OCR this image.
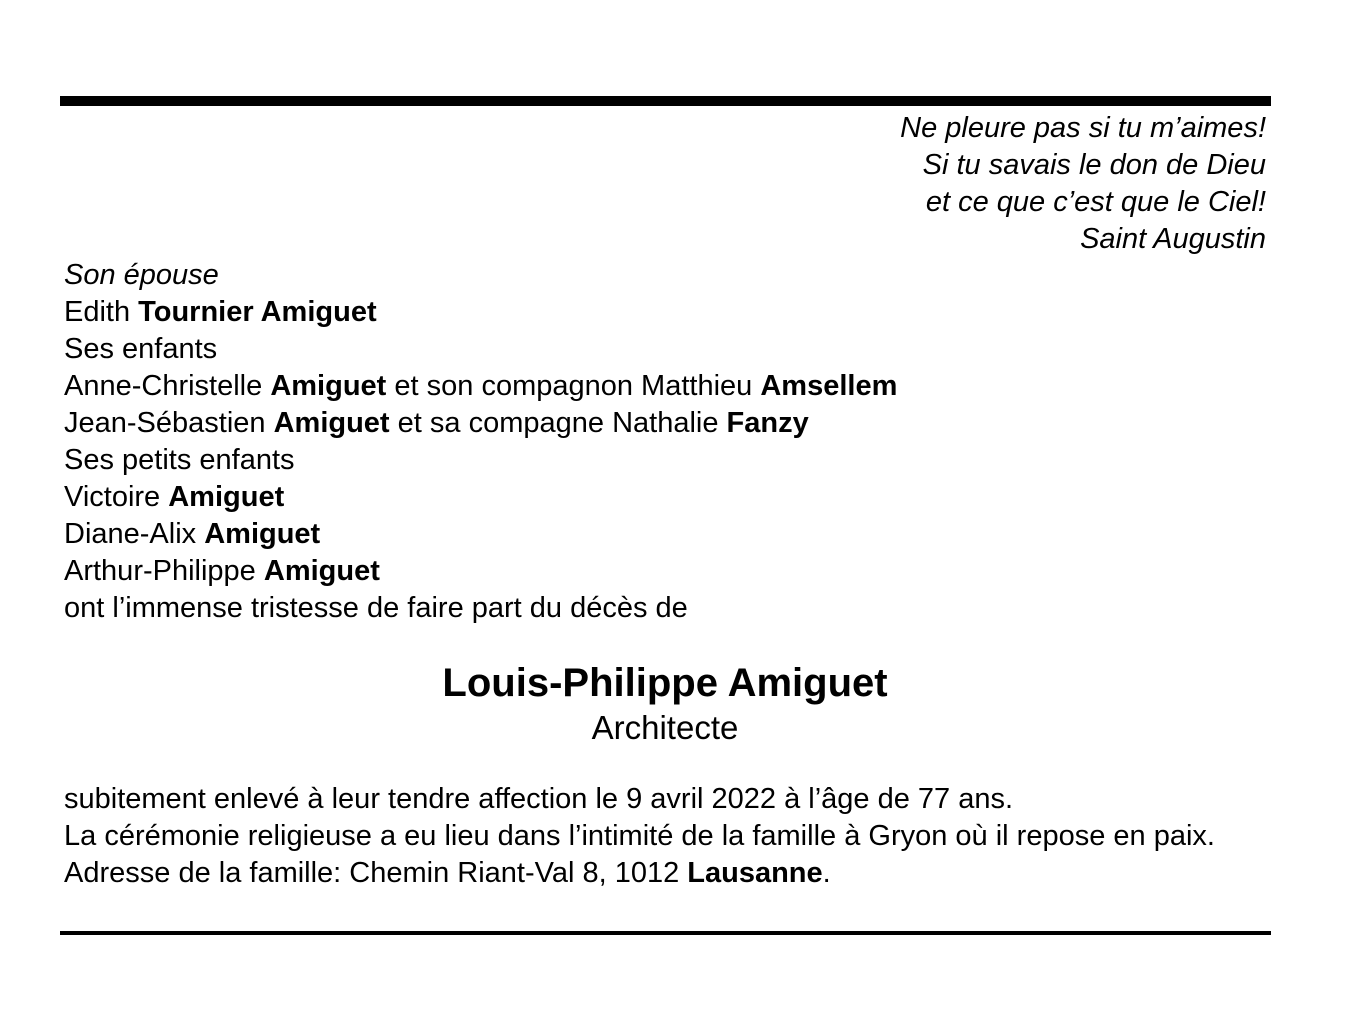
Ne pleure pas si tu m’aimes!
Si tu savais le don de Dieu
et ce que c’est que le Ciel!
Saint Augustin
Son épouse
Edith Tournier Amiguet
Ses enfants
Anne-Christelle Amiguet et son compagnon Matthieu Amsellem
Jean-Sébastien Amiguet et sa compagne Nathalie Fanzy
Ses petits enfants
Victoire Amiguet
Diane-Alix Amiguet
Arthur-Philippe Amiguet
ont l’immense tristesse de faire part du décès de
Louis-Philippe Amiguet
Architecte
subitement enlevé à leur tendre affection le 9 avril 2022 à l’âge de 77 ans.
La cérémonie religieuse a eu lieu dans l’intimité de la famille à Gryon où il repose en paix.
Adresse de la famille: Chemin Riant-Val 8, 1012 Lausanne.
